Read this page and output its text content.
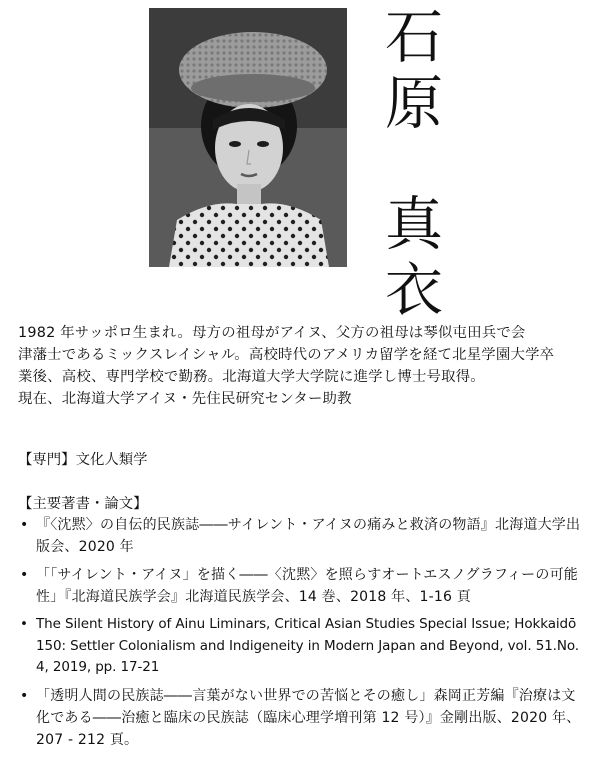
石
原
真
衣

1982 年サッポロ生まれ。母方の祖母がアイヌ、父方の祖母は琴似屯田兵で会

津藩士であるミックスレイシャル。高校時代のアメリカ留学を経て北星学園大学卒

業後、高校、専門学校で勤務。北海道大学大学院に進学し博士号取得。

現在、北海道大学アイヌ・先住民研究センター助教

【専門】文化人類学
【主要著書・論文】
• 『〈沈黙〉の自伝的民族誌――サイレント・アイヌの痛みと救済の物語』北海道大学出版会、2020 年
• 「「サイレント・アイヌ」を描く――〈沈黙〉を照らすオートエスノグラフィーの可能性」『北海道民族学会』北海道民族学会、14 巻、2018 年、1-16 頁
• The Silent History of Ainu Liminars, Critical Asian Studies Special Issue; Hokkaidō 150: Settler Colonialism and Indigeneity in Modern Japan and Beyond, vol. 51.No. 4, 2019, pp. 17-21
• 「透明人間の民族誌――言葉がない世界での苦悩とその癒し」森岡正芳編『治療は文化である――治癒と臨床の民族誌（臨床心理学増刊第 12 号）』金剛出版、2020 年、207 - 212 頁。
